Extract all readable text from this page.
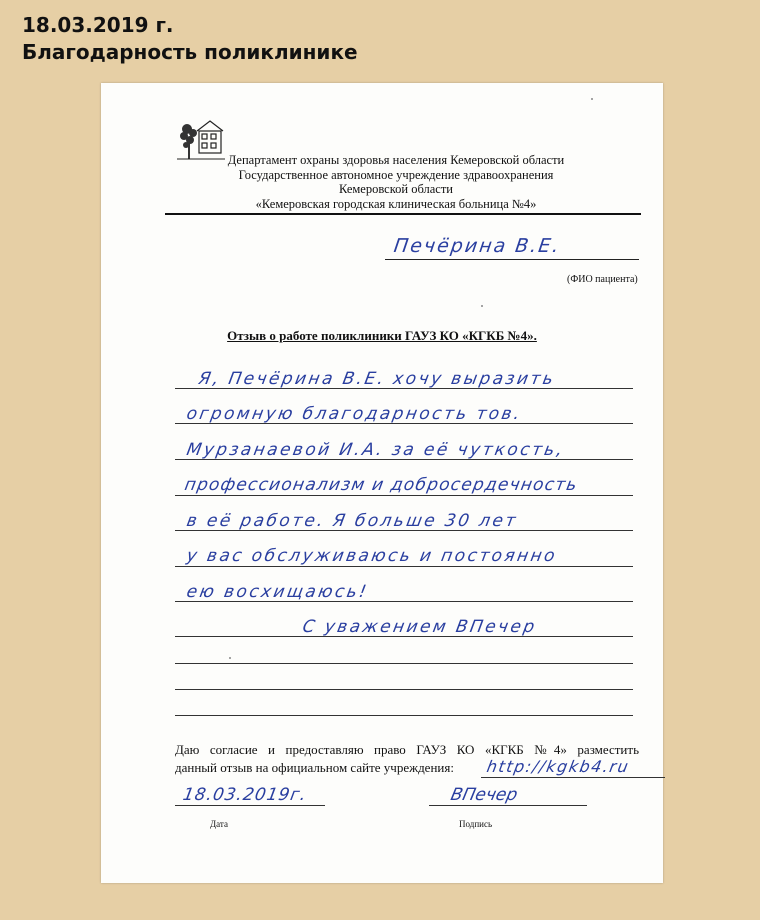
18.03.2019 г.
Благодарность поликлинике
Департамент охраны здоровья населения Кемеровской области
Государственное автономное учреждение здравоохранения
Кемеровской области
«Кемеровская городская клиническая больница №4»
Печёрина В.Е.
(ФИО пациента)
Отзыв о работе поликлиники ГАУЗ КО «КГКБ №4».
Я, Печёрина В.Е. хочу выразить
огромную благодарность тов.
Мурзанаевой И.А. за её чуткость,
профессионализм и добросердечность
в её работе. Я больше 30 лет
у вас обслуживаюсь и постоянно
ею восхищаюсь!
С уважением ВПечер
Даю согласие и предоставляю право ГАУЗ КО «КГКБ №4» разместить
данный отзыв на официальном сайте учреждения:	http://kgkb4.ru
18.03.2019г.	ВПечер
Дата	Подпись
